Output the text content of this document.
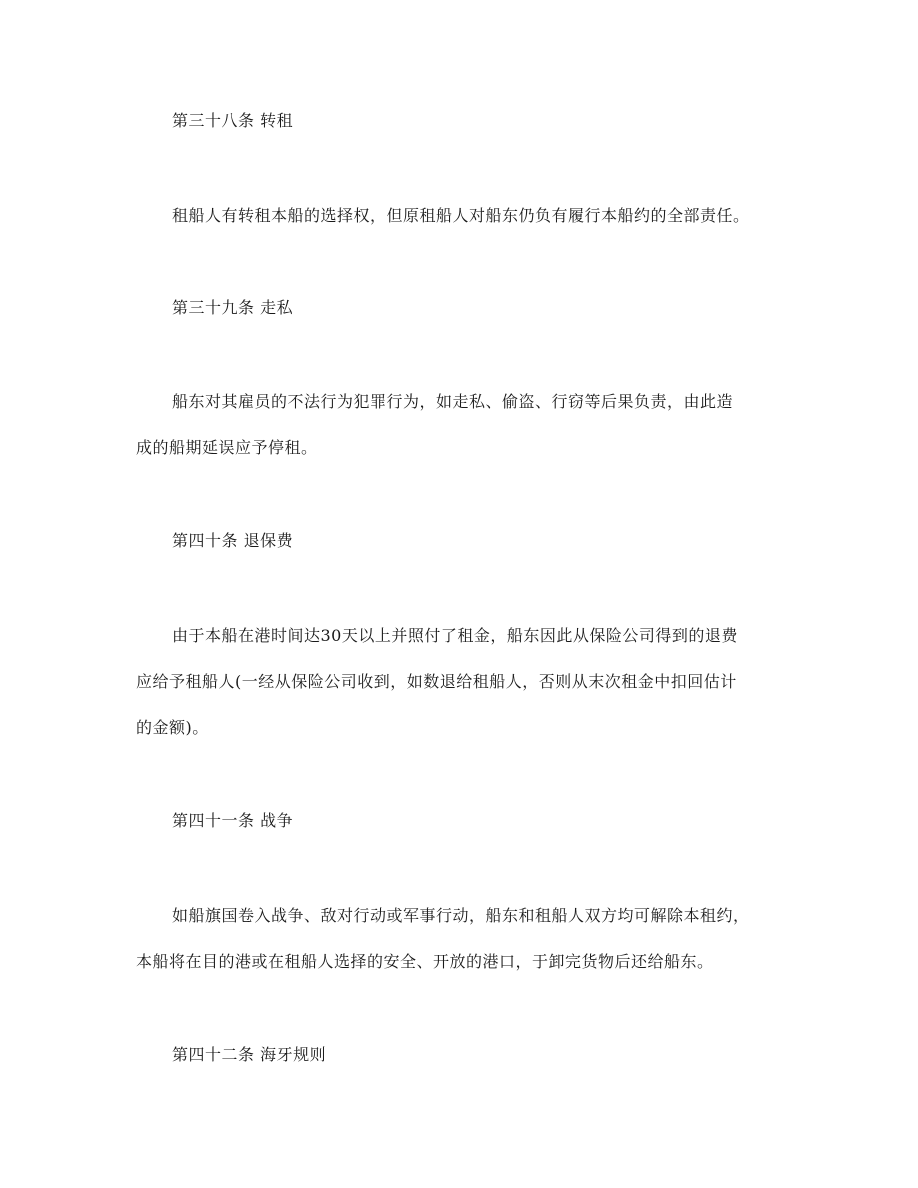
第三十八条 转租
租船人有转租本船的选择权，但原租船人对船东仍负有履行本船约的全部责任。
第三十九条 走私
船东对其雇员的不法行为犯罪行为，如走私、偷盗、行窃等后果负责，由此造
成的船期延误应予停租。
第四十条 退保费
由于本船在港时间达30天以上并照付了租金，船东因此从保险公司得到的退费
应给予租船人(一经从保险公司收到，如数退给租船人，否则从末次租金中扣回估计
的金额)。
第四十一条 战争
如船旗国卷入战争、敌对行动或军事行动，船东和租船人双方均可解除本租约，
本船将在目的港或在租船人选择的安全、开放的港口，于卸完货物后还给船东。
第四十二条 海牙规则
